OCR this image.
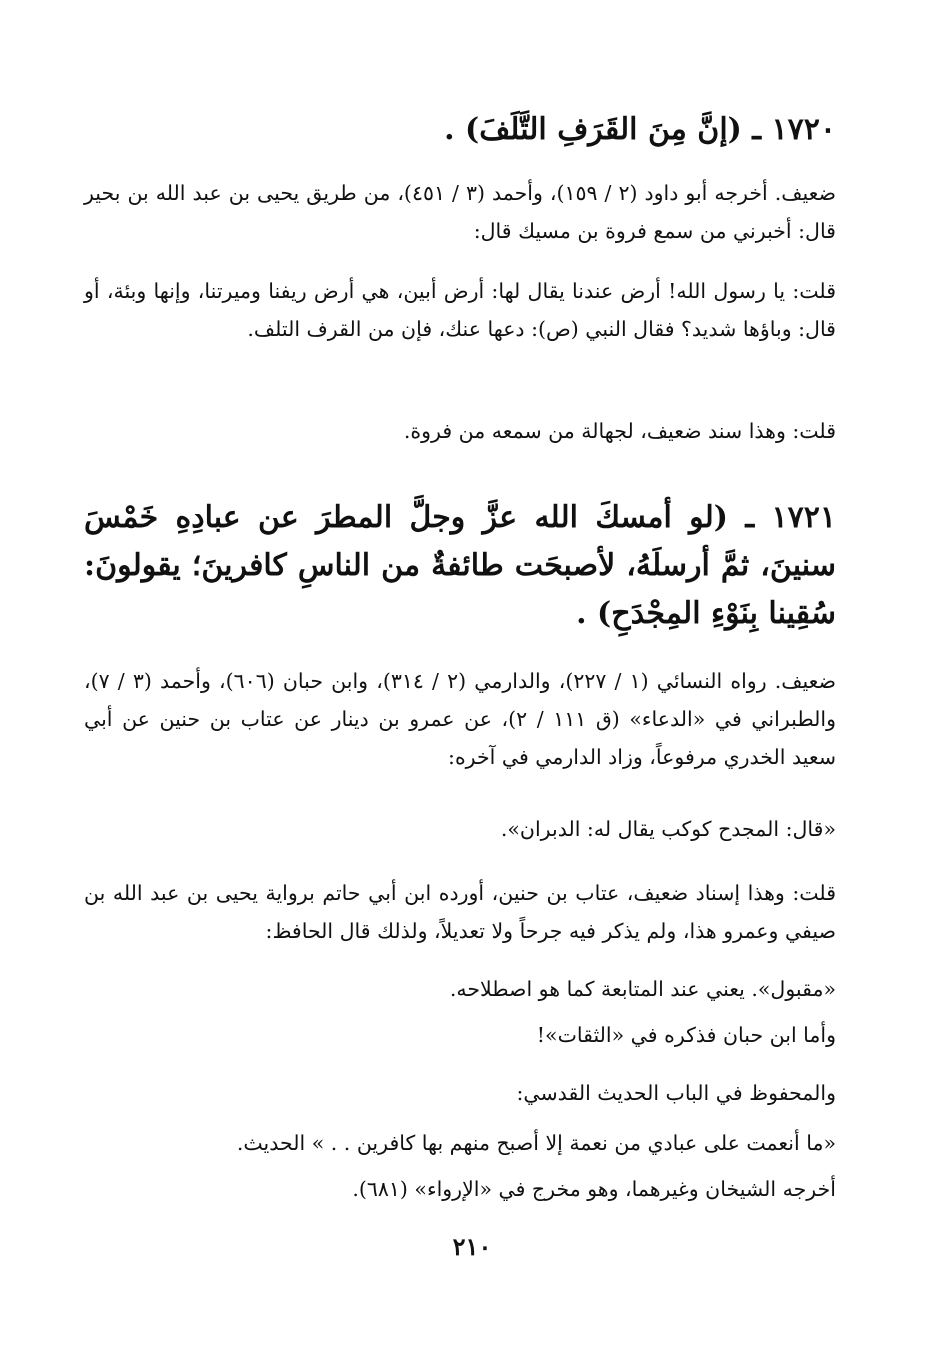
١٧٢٠ ـ (إنَّ مِنَ القَرَفِ التَّلَفَ) .

ضعيف. أخرجه أبو داود (٢ / ١٥٩)، وأحمد (٣ / ٤٥١)، من طريق يحيى بن عبد الله بن بحير قال: أخبرني من سمع فروة بن مسيك قال:

قلت: يا رسول الله! أرض عندنا يقال لها: أرض أبين، هي أرض ريفنا وميرتنا، وإنها وبئة، أو قال: وباؤها شديد؟ فقال النبي (ص): دعها عنك، فإن من القرف التلف.

قلت: وهذا سند ضعيف، لجهالة من سمعه من فروة.

١٧٢١ ـ (لو أمسكَ الله عزَّ وجلَّ المطرَ عن عبادِهِ خَمْسَ سنينَ، ثمَّ أرسلَهُ، لأصبحَت طائفةٌ من الناسِ كافرينَ؛ يقولونَ: سُقِينا بِنَوْءِ المِجْدَحِ) .

ضعيف. رواه النسائي (١ / ٢٢٧)، والدارمي (٢ / ٣١٤)، وابن حبان (٦٠٦)، وأحمد (٣ / ٧)، والطبراني في «الدعاء» (ق ١١١ / ٢)، عن عمرو بن دينار عن عتاب بن حنين عن أبي سعيد الخدري مرفوعاً، وزاد الدارمي في آخره:

«قال: المجدح كوكب يقال له: الدبران».

قلت: وهذا إسناد ضعيف، عتاب بن حنين، أورده ابن أبي حاتم برواية يحيى بن عبد الله بن صيفي وعمرو هذا، ولم يذكر فيه جرحاً ولا تعديلاً، ولذلك قال الحافظ:

«مقبول». يعني عند المتابعة كما هو اصطلاحه.

وأما ابن حبان فذكره في «الثقات»!

والمحفوظ في الباب الحديث القدسي:

«ما أنعمت على عبادي من نعمة إلا أصبح منهم بها كافرين . . » الحديث.

أخرجه الشيخان وغيرهما، وهو مخرج في «الإرواء» (٦٨١).

٢١٠
